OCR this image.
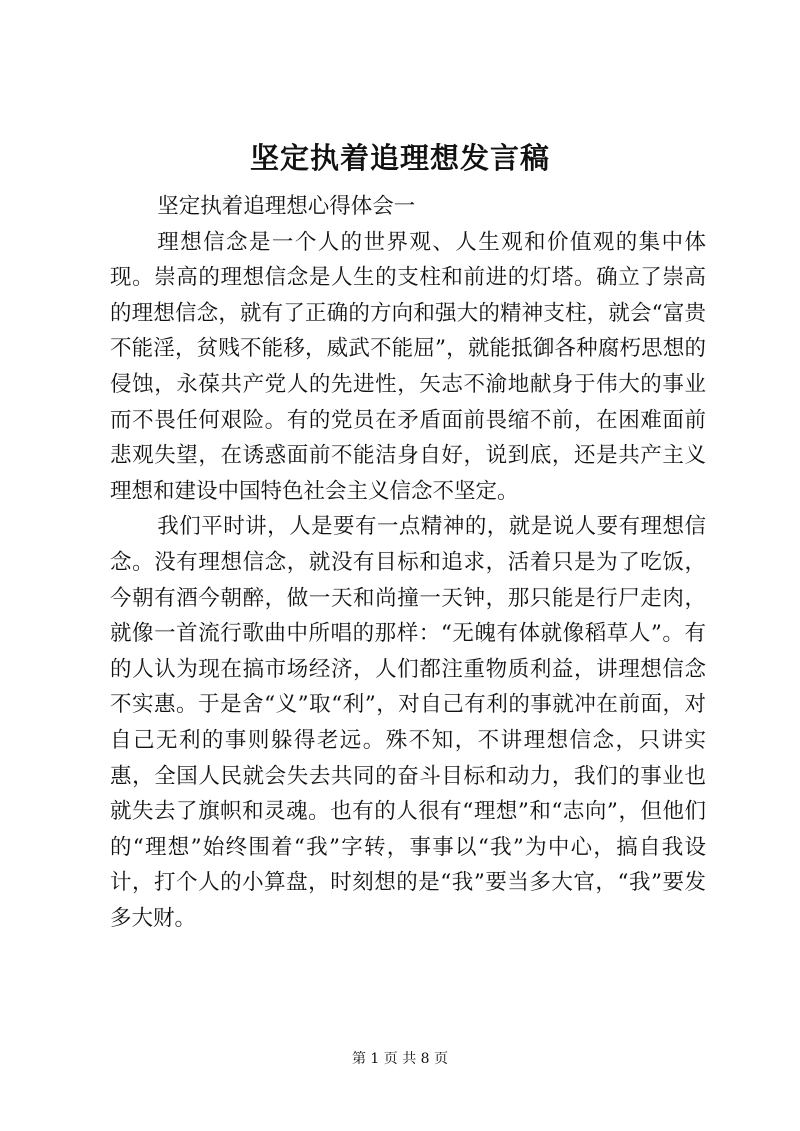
坚定执着追理想发言稿

坚定执着追理想心得体会一

理想信念是一个人的世界观、人生观和价值观的集中体现。崇高的理想信念是人生的支柱和前进的灯塔。确立了崇高的理想信念，就有了正确的方向和强大的精神支柱，就会“富贵不能淫，贫贱不能移，威武不能屈”，就能抵御各种腐朽思想的侵蚀，永葆共产党人的先进性，矢志不渝地献身于伟大的事业而不畏任何艰险。有的党员在矛盾面前畏缩不前，在困难面前悲观失望，在诱惑面前不能洁身自好，说到底，还是共产主义理想和建设中国特色社会主义信念不坚定。

我们平时讲，人是要有一点精神的，就是说人要有理想信念。没有理想信念，就没有目标和追求，活着只是为了吃饭，今朝有酒今朝醉，做一天和尚撞一天钟，那只能是行尸走肉，就像一首流行歌曲中所唱的那样：“无魄有体就像稻草人”。有的人认为现在搞市场经济，人们都注重物质利益，讲理想信念不实惠。于是舍“义”取“利”，对自己有利的事就冲在前面，对自己无利的事则躲得老远。殊不知，不讲理想信念，只讲实惠，全国人民就会失去共同的奋斗目标和动力，我们的事业也就失去了旗帜和灵魂。也有的人很有“理想”和“志向”，但他们的“理想”始终围着“我”字转，事事以“我”为中心，搞自我设计，打个人的小算盘，时刻想的是“我”要当多大官，“我”要发多大财。

第 1 页 共 8 页
